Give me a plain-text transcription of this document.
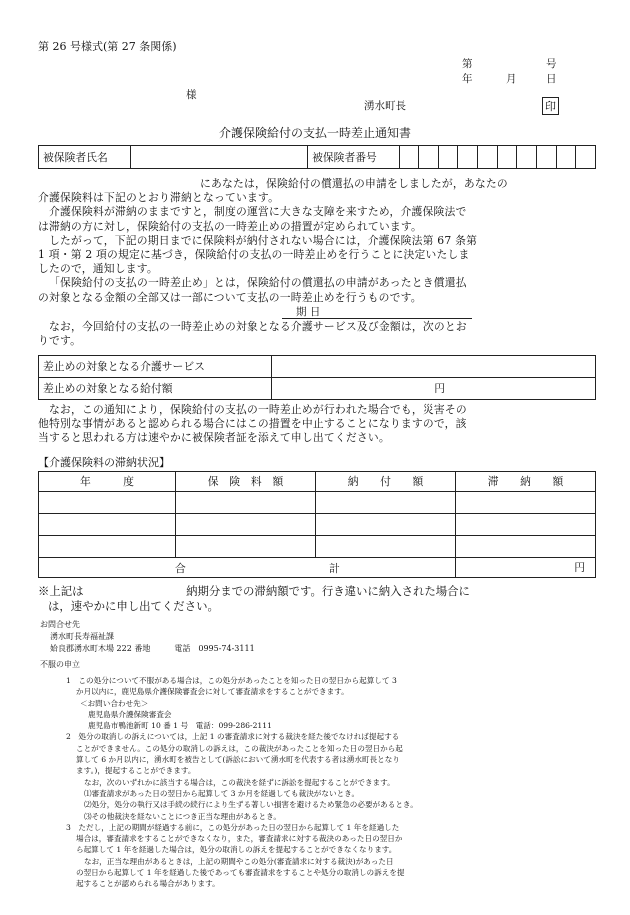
第 26 号様式(第 27 条関係)
第	号
年	月	日
様
湧水町長	印
介護保険給付の支払一時差止通知書
被保険者氏名		被保険者番号										
にあなたは，保険給付の償還払の申請をしましたが，あなたの
介護保険料は下記のとおり滞納となっています。
介護保険料が滞納のままですと，制度の運営に大きな支障を来すため，介護保険法で
は滞納の方に対し，保険給付の支払の一時差止めの措置が定められています。
したがって，下記の期日までに保険料が納付されない場合には，介護保険法第 67 条第
1 項・第 2 項の規定に基づき，保険給付の支払の一時差止めを行うことに決定いたしま
したので，通知します。
「保険給付の支払の一時差止め」とは，保険給付の償還払の申請があったとき償還払
の対象となる金額の全部又は一部について支払の一時差止めを行うものです。
期 日
なお，今回給付の支払の一時差止めの対象となる介護サービス及び金額は，次のとお
りです。
差止めの対象となる介護サービス	
差止めの対象となる給付額	円
なお，この通知により，保険給付の支払の一時差止めが行われた場合でも，災害その
他特別な事情があると認められる場合にはこの措置を中止することになりますので，該
当すると思われる方は速やかに被保険者証を添えて申し出てください。
【介護保険料の滞納状況】
年　　　度	保　険　料　額	納　　付　　額	滞　　納　　額

合 計			円
※上記は　　　　　　　　　納期分までの滞納額です。行き違いに納入された場合に
は，速やかに申し出てください。
お問合せ先
湧水町長寿福祉課
姶良郡湧水町木場 222 番地　　　電話　0995-74-3111
不服の申立
1　この処分について不服がある場合は，この処分があったことを知った日の翌日から起算して 3
か月以内に，鹿児島県介護保険審査会に対して審査請求をすることができます。
＜お問い合わせ先＞
鹿児島県介護保険審査会
鹿児島市鴨池新町 10 番 1 号　電話：099-286-2111
2　処分の取消しの訴えについては，上記 1 の審査請求に対する裁決を経た後でなければ提起する
ことができません。この処分の取消しの訴えは，この裁決があったことを知った日の翌日から起
算して 6 か月以内に，湧水町を被告として(訴訟において湧水町を代表する者は湧水町長となり
ます。)，提起することができます。
なお，次のいずれかに該当する場合は，この裁決を経ずに訴訟を提起することができます。
⑴審査請求があった日の翌日から起算して 3 か月を経過しても裁決がないとき。
⑵処分，処分の執行又は手続の続行により生ずる著しい損害を避けるため緊急の必要があるとき。
⑶その他裁決を経ないことにつき正当な理由があるとき。
3　ただし，上記の期間が経過する前に，この処分があった日の翌日から起算して 1 年を経過した
場合は，審査請求をすることができなくなり，また，審査請求に対する裁決のあった日の翌日か
ら起算して 1 年を経過した場合は，処分の取消しの訴えを提起することができなくなります。
なお，正当な理由があるときは，上記の期間やこの処分(審査請求に対する裁決)があった日
の翌日から起算して 1 年を経過した後であっても審査請求をすることや処分の取消しの訴えを提
起することが認められる場合があります。
